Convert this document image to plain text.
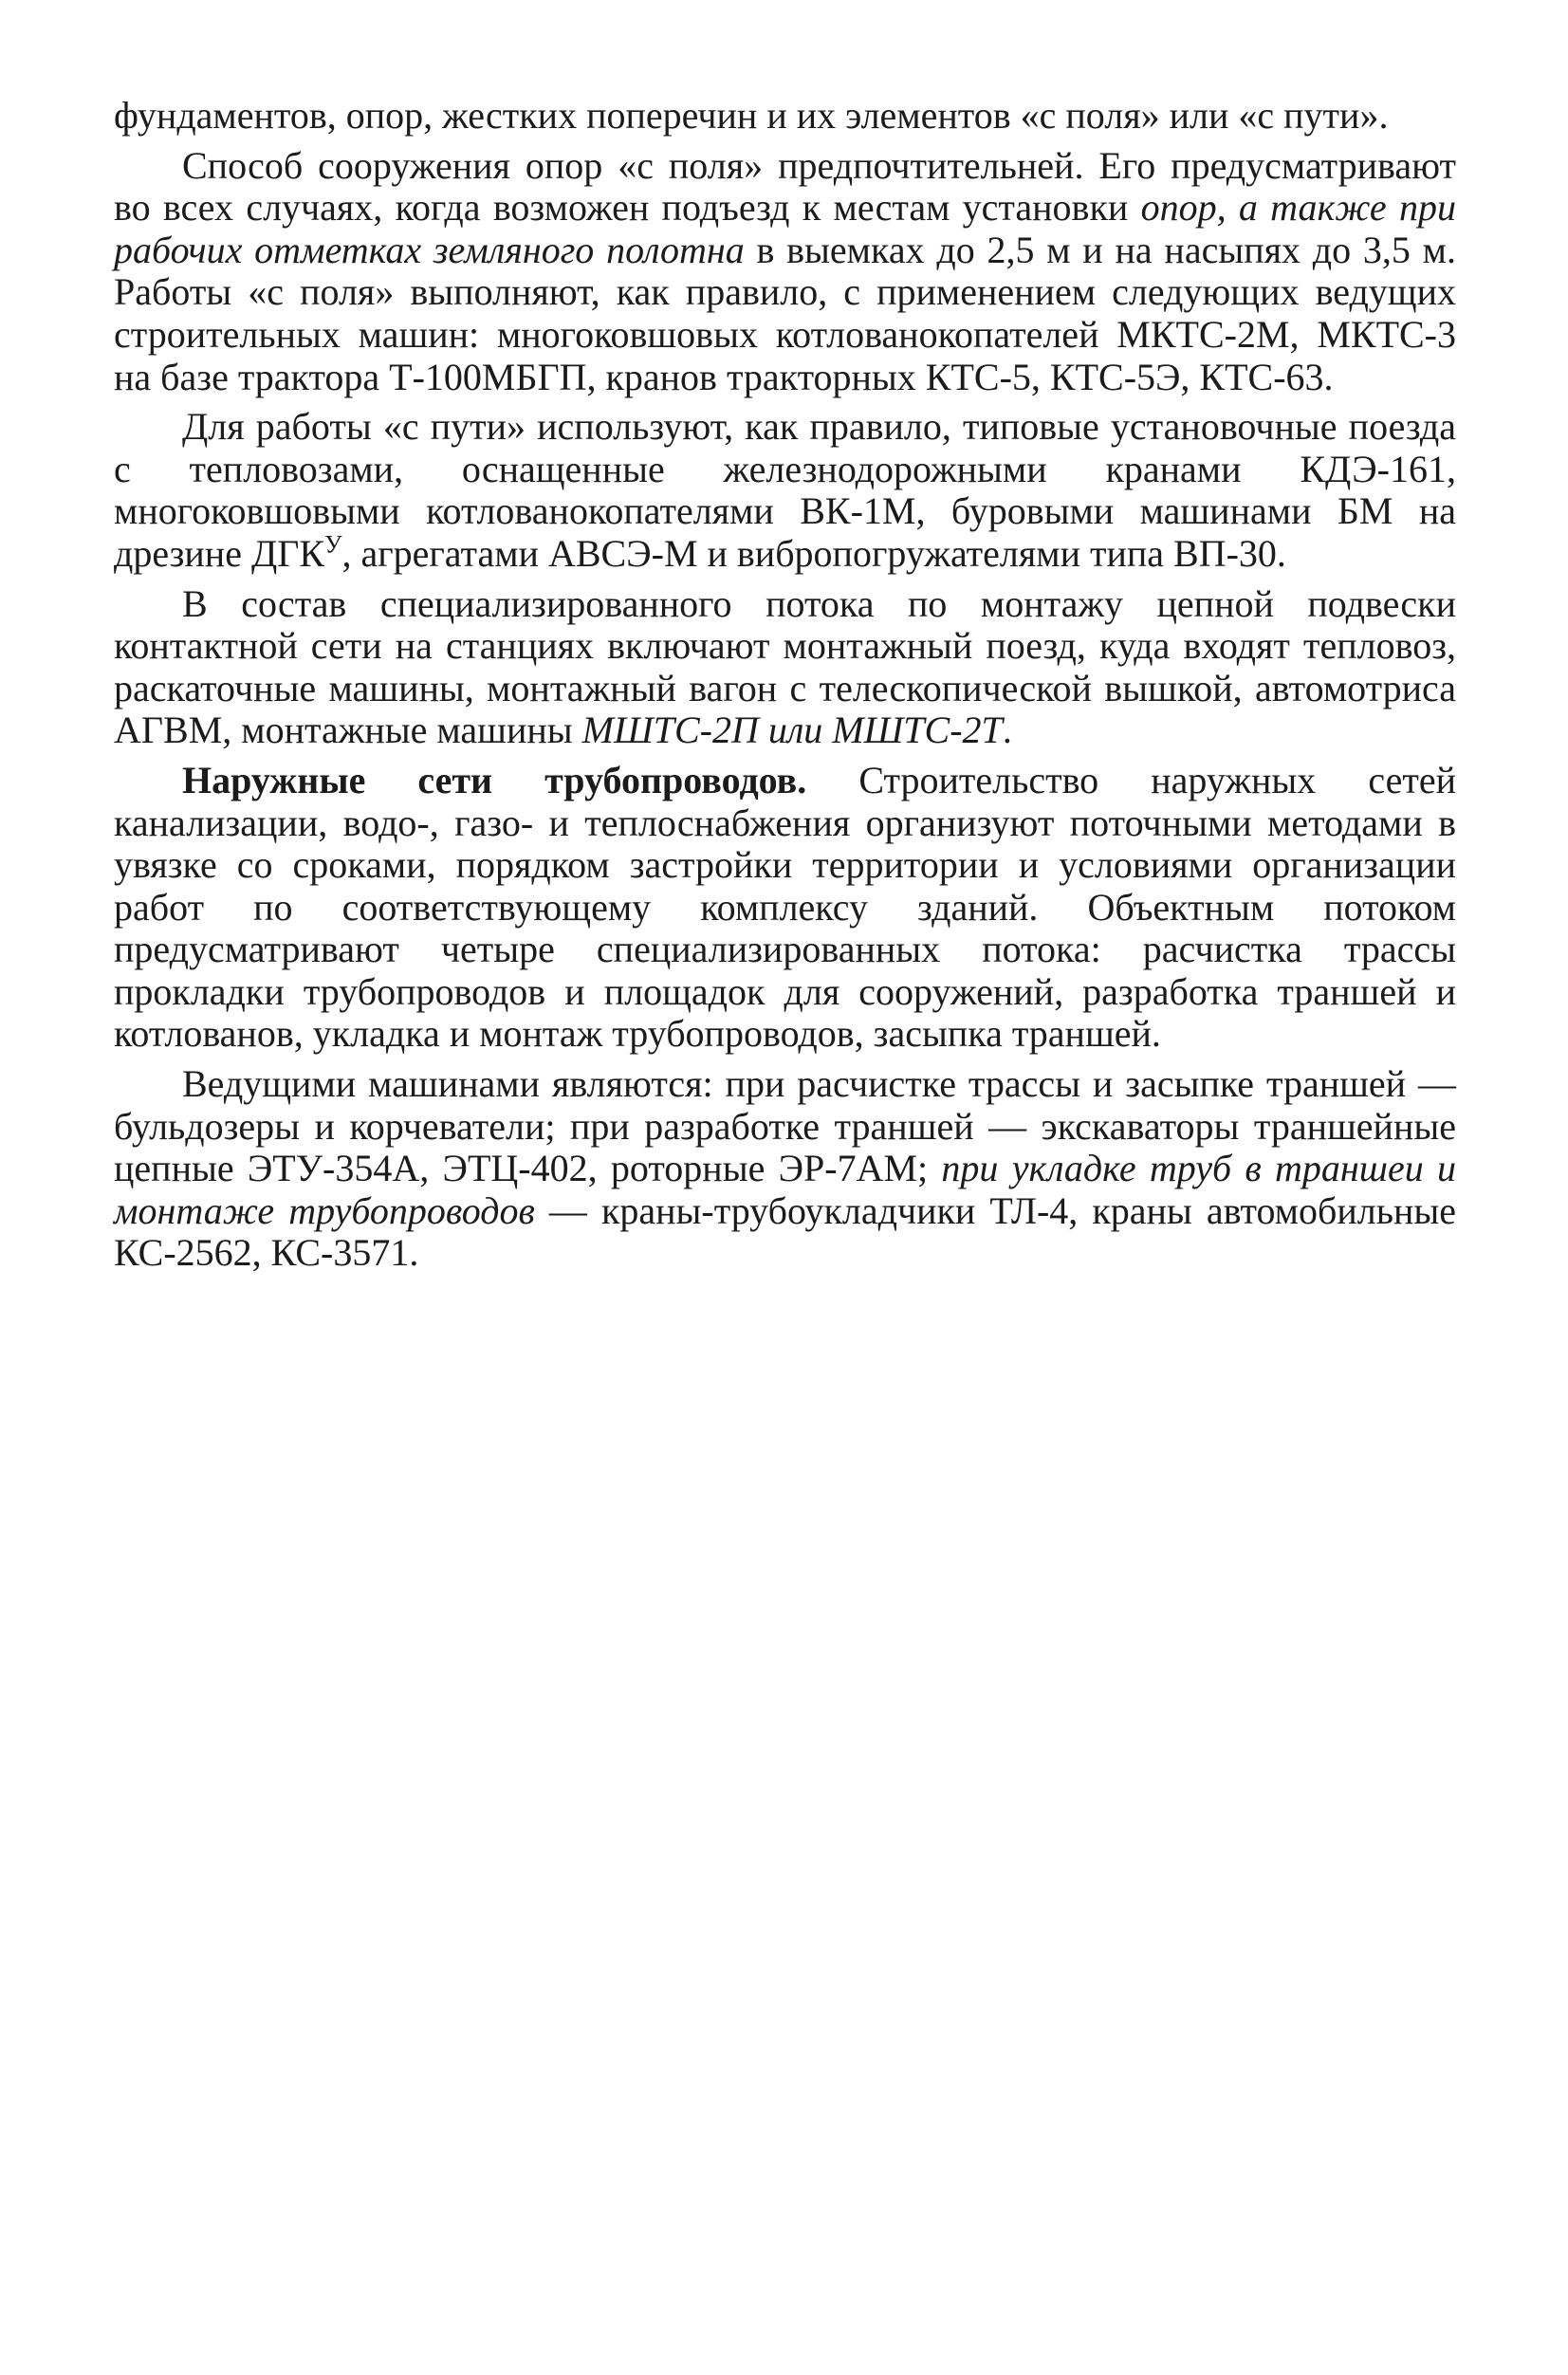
фундаментов, опор, жестких поперечин и их элементов «с поля» или «с пути».

Способ сооружения опор «с поля» предпочтительней. Его предусматривают во всех случаях, когда возможен подъезд к местам установки опор, а также при рабочих отметках земляного полотна в выемках до 2,5 м и на насыпях до 3,5 м. Работы «с поля» выполняют, как правило, с применением следующих ведущих строительных машин: многоковшовых котлованокопателей МКТС-2М, МКТС-3 на базе трактора Т-100МБГП, кранов тракторных КТС-5, КТС-5Э, КТС-63.

Для работы «с пути» используют, как правило, типовые установочные поезда с тепловозами, оснащенные железнодорожными кранами КДЭ-161, многоковшовыми котлованокопателями ВК-1М, буровыми машинами БМ на дрезине $ДГК^У$, агрегатами АВСЭ-М и вибропогружателями типа ВП-30.

В состав специализированного потока по монтажу цепной подвески контактной сети на станциях включают монтажный поезд, куда входят тепловоз, раскаточные машины, монтажный вагон с телескопической вышкой, автомотриса АГВМ, монтажные машины МШТС-2П или МШТС-2Т.

Наружные сети трубопроводов. Строительство наружных сетей канализации, водо-, газо- и теплоснабжения организуют поточными методами в увязке со сроками, порядком застройки территории и условиями организации работ по соответствующему комплексу зданий. Объектным потоком предусматривают четыре специализированных потока: расчистка трассы прокладки трубопроводов и площадок для сооружений, разработка траншей и котлованов, укладка и монтаж трубопроводов, засыпка траншей.

Ведущими машинами являются: при расчистке трассы и засыпке траншей — бульдозеры и корчеватели; при разработке траншей — экскаваторы траншейные цепные ЭТУ-354А, ЭТЦ-402, роторные ЭР-7АМ; при укладке труб в траншеи и монтаже трубопроводов — краны-трубоукладчики ТЛ-4, краны автомобильные КС-2562, КС-3571.
